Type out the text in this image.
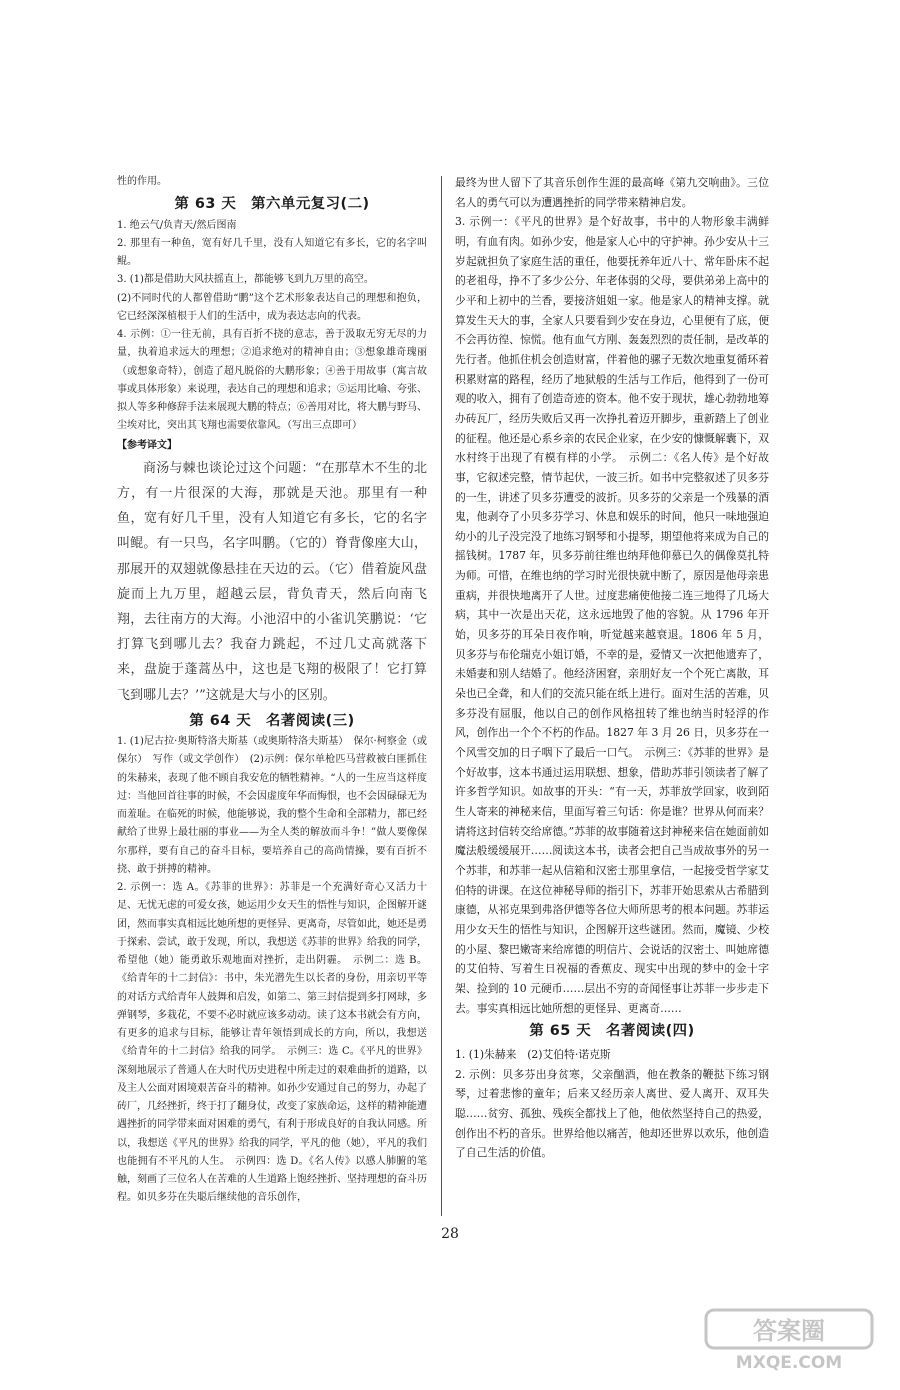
性的作用。

第 63 天　第六单元复习(二)

1. 绝云气/负青天/然后图南

2. 那里有一种鱼，宽有好几千里，没有人知道它有多长，它的名字叫鲲。

3. (1)都是借助大风扶摇直上，都能够飞到九万里的高空。

(2)不同时代的人都曾借助“鹏”这个艺术形象表达自己的理想和抱负，它已经深深植根于人们的生活中，成为表达志向的代表。

4. 示例：①一往无前，具有百折不挠的意志，善于汲取无穷无尽的力量，执着追求远大的理想；②追求绝对的精神自由；③想象雄奇瑰丽（或想象奇特），创造了超凡脱俗的大鹏形象；④善于用故事（寓言故事或具体形象）来说理，表达自己的理想和追求；⑤运用比喻、夸张、拟人等多种修辞手法来展现大鹏的特点；⑥善用对比，将大鹏与野马、尘埃对比，突出其飞翔也需要依靠风。（写出三点即可）

【参考译文】

商汤与棘也谈论过这个问题：“在那草木不生的北方，有一片很深的大海，那就是天池。那里有一种鱼，宽有好几千里，没有人知道它有多长，它的名字叫鲲。有一只鸟，名字叫鹏。（它的）脊背像座大山，那展开的双翅就像悬挂在天边的云。（它）借着旋风盘旋而上九万里，超越云层，背负青天，然后向南飞翔，去往南方的大海。小池沼中的小雀讥笑鹏说：‘它打算飞到哪儿去？我奋力跳起，不过几丈高就落下来，盘旋于蓬蒿丛中，这也是飞翔的极限了！它打算飞到哪儿去？’”这就是大与小的区别。

第 64 天　名著阅读(三)

1. (1)尼古拉·奥斯特洛夫斯基（或奥斯特洛夫斯基）　保尔·柯察金（或保尔）　写作（或文学创作）　(2)示例：保尔单枪匹马营救被白匪抓住的朱赫来，表现了他不顾自我安危的牺牲精神。“人的一生应当这样度过：当他回首往事的时候，不会因虚度年华而悔恨，也不会因碌碌无为而羞耻。在临死的时候，他能够说，我的整个生命和全部精力，都已经献给了世界上最壮丽的事业——为全人类的解放而斗争！”做人要像保尔那样，要有自己的奋斗目标，要培养自己的高尚情操，要有百折不挠、敢于拼搏的精神。

2. 示例一：选 A。《苏菲的世界》：苏菲是一个充满好奇心又活力十足、无忧无虑的可爱女孩，她运用少女天生的悟性与知识，企图解开谜团，然而事实真相远比她所想的更怪异、更离奇，尽管如此，她还是勇于探索、尝试，敢于发现，所以，我想送《苏菲的世界》给我的同学，希望他（她）能勇敢乐观地面对挫折，走出阴霾。　示例二：选 B。《给青年的十二封信》：书中，朱光潜先生以长者的身份，用亲切平等的对话方式给青年人鼓舞和启发，如第二、第三封信提到多打网球，多弹钢琴，多栽花，不要不必时就应该多动动。读了这本书就会有方向，有更多的追求与目标，能够让青年领悟到成长的方向，所以，我想送《给青年的十二封信》给我的同学。　示例三：选 C。《平凡的世界》深刻地展示了普通人在大时代历史进程中所走过的艰难曲折的道路，以及主人公面对困境艰苦奋斗的精神。如孙少安通过自己的努力，办起了砖厂，几经挫折，终于打了翻身仗，改变了家族命运，这样的精神能遭遇挫折的同学带来面对困难的勇气，有利于形成良好的自我认同感。所以，我想送《平凡的世界》给我的同学，平凡的他（她），平凡的我们也能拥有不平凡的人生。　示例四：选 D。《名人传》以感人肺腑的笔触，刻画了三位名人在苦难的人生道路上饱经挫折、坚持理想的奋斗历程。如贝多芬在失聪后继续他的音乐创作，

最终为世人留下了其音乐创作生涯的最高峰《第九交响曲》。三位名人的勇气可以为遭遇挫折的同学带来精神启发。

3. 示例一：《平凡的世界》是个好故事，书中的人物形象丰满鲜明，有血有肉。如孙少安，他是家人心中的守护神。孙少安从十三岁起就担负了家庭生活的重任，他要抚养年近八十、常年卧床不起的老祖母，挣不了多少公分、年老体弱的父母，要供弟弟上高中的少平和上初中的兰香，要接济姐姐一家。他是家人的精神支撑。就算发生天大的事，全家人只要看到少安在身边，心里便有了底，便不会再彷徨、惊慌。他有血气方刚、轰轰烈烈的责任制，是改革的先行者。他抓住机会创造财富，伴着他的骡子无数次地重复循环着积累财富的路程，经历了地狱般的生活与工作后，他得到了一份可观的收入，拥有了创造奇迹的资本。他不安于现状，雄心勃勃地筹办砖瓦厂，经历失败后又再一次挣扎着迈开脚步，重新踏上了创业的征程。他还是心系乡亲的农民企业家，在少安的慷慨解囊下，双水村终于出现了有模有样的小学。　示例二：《名人传》是个好故事，它叙述完整，情节起伏，一波三折。如书中完整叙述了贝多芬的一生，讲述了贝多芬遭受的波折。贝多芬的父亲是一个残暴的酒鬼，他剥夺了小贝多芬学习、休息和娱乐的时间，他只一味地强迫幼小的儿子没完没了地练习钢琴和小提琴，期望他将来成为自己的摇钱树。1787 年，贝多芬前往维也纳拜他仰慕已久的偶像莫扎特为师。可惜，在维也纳的学习时光很快就中断了，原因是他母亲患重病，并很快地离开了人世。过度悲痛使他接二连三地得了几场大病，其中一次是出天花，这永远地毁了他的容貌。从 1796 年开始，贝多芬的耳朵日夜作响，听觉越来越衰退。1806 年 5 月，贝多芬与布伦瑞克小姐订婚，不幸的是，爱情又一次把他遗弃了，未婚妻和别人结婚了。他经济困窘，亲朋好友一个个死亡离散，耳朵也已全聋，和人们的交流只能在纸上进行。面对生活的苦难，贝多芬没有屈服，他以自己的创作风格扭转了维也纳当时轻浮的作风，创作出一个个不朽的作品。1827 年 3 月 26 日，贝多芬在一个风雪交加的日子咽下了最后一口气。　示例三：《苏菲的世界》是个好故事，这本书通过运用联想、想象，借助苏菲引领读者了解了许多哲学知识。如故事的开头：“有一天，苏菲放学回家，收到陌生人寄来的神秘来信，里面写着三句话：你是谁？世界从何而来？请将这封信转交给席德。”苏菲的故事随着这封神秘来信在她面前如魔法般缓缓展开……阅读这本书，读者会把自己当成故事外的另一个苏菲，和苏菲一起从信箱和汉密士那里拿信，一起接受哲学家艾伯特的讲课。在这位神秘导师的指引下，苏菲开始思索从古希腊到康德，从祁克果到弗洛伊德等各位大师所思考的根本问题。苏菲运用少女天生的悟性与知识，企图解开这些谜团。然而，魔镜、少校的小屋、黎巴嫩寄来给席德的明信片、会说话的汉密士、叫她席德的艾伯特、写着生日祝福的香蕉皮、现实中出现的梦中的金十字架、捡到的 10 元硬币……层出不穷的奇闻怪事让苏菲一步步走下去。事实真相远比她所想的更怪异、更离奇……

第 65 天　名著阅读(四)

1. (1)朱赫来　(2)艾伯特·诺克斯

2. 示例：贝多芬出身贫寒，父亲酗酒，他在教条的鞭挞下练习钢琴，过着悲惨的童年；后来又经历亲人离世、爱人离开、双耳失聪……贫穷、孤独、残疾全都找上了他，他依然坚持自己的热爱，创作出不朽的音乐。世界给他以痛苦，他却还世界以欢乐，他创造了自己生活的价值。

28
答案圈
MXQE.COM
